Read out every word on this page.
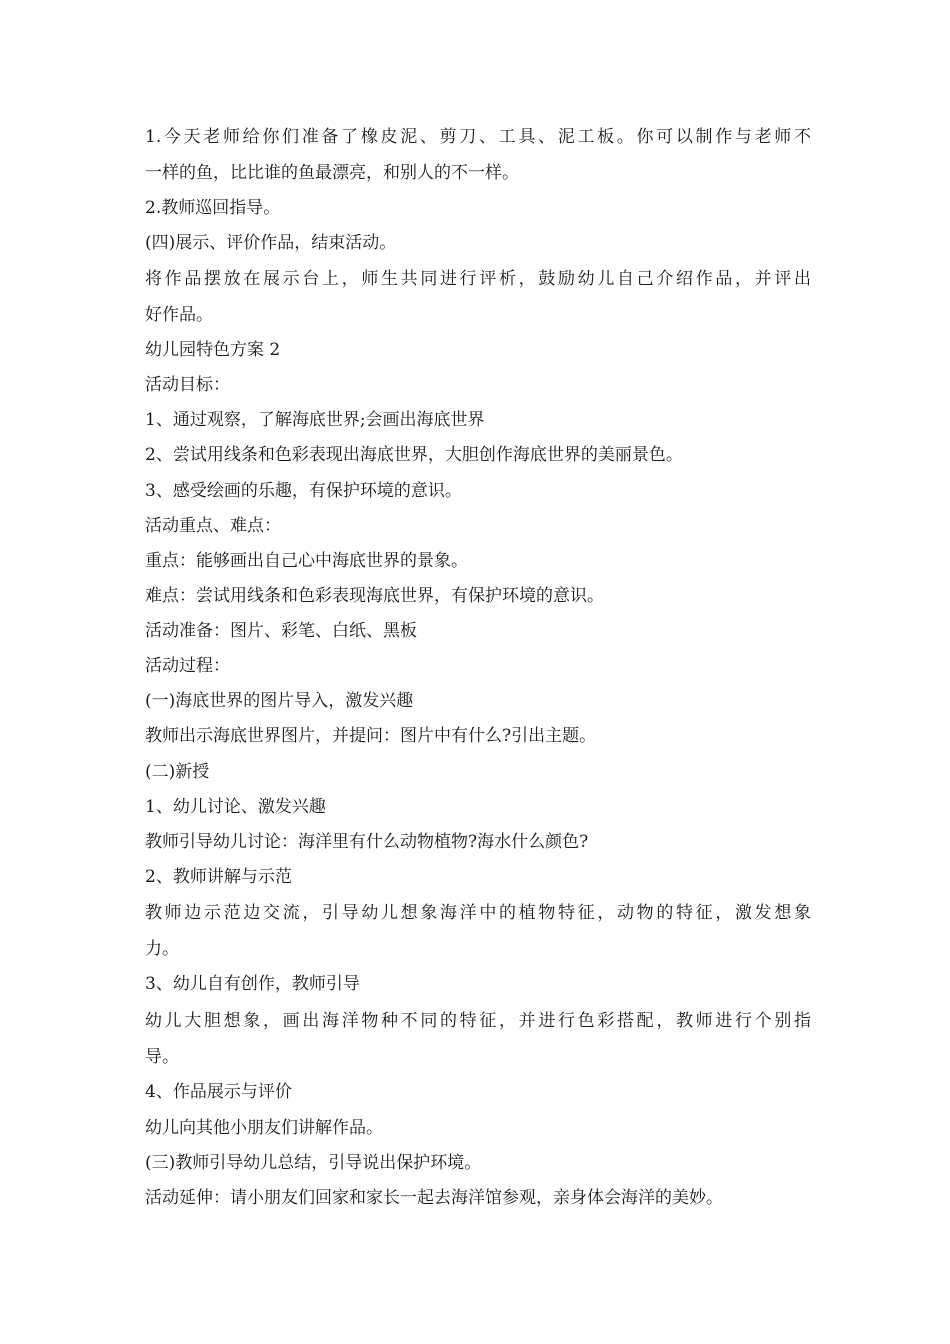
1.今天老师给你们准备了橡皮泥、剪刀、工具、泥工板。你可以制作与老师不
一样的鱼，比比谁的鱼最漂亮，和别人的不一样。
2.教师巡回指导。
(四)展示、评价作品，结束活动。
将作品摆放在展示台上，师生共同进行评析，鼓励幼儿自己介绍作品，并评出
好作品。
幼儿园特色方案 2
活动目标：
1、通过观察，了解海底世界;会画出海底世界
2、尝试用线条和色彩表现出海底世界，大胆创作海底世界的美丽景色。
3、感受绘画的乐趣，有保护环境的意识。
活动重点、难点：
重点：能够画出自己心中海底世界的景象。
难点：尝试用线条和色彩表现海底世界，有保护环境的意识。
活动准备：图片、彩笔、白纸、黑板
活动过程：
(一)海底世界的图片导入，激发兴趣
教师出示海底世界图片，并提问：图片中有什么?引出主题。
(二)新授
1、幼儿讨论、激发兴趣
教师引导幼儿讨论：海洋里有什么动物植物?海水什么颜色?
2、教师讲解与示范
教师边示范边交流，引导幼儿想象海洋中的植物特征，动物的特征，激发想象
力。
3、幼儿自有创作，教师引导
幼儿大胆想象，画出海洋物种不同的特征，并进行色彩搭配，教师进行个别指
导。
4、作品展示与评价
幼儿向其他小朋友们讲解作品。
(三)教师引导幼儿总结，引导说出保护环境。
活动延伸：请小朋友们回家和家长一起去海洋馆参观，亲身体会海洋的美妙。
